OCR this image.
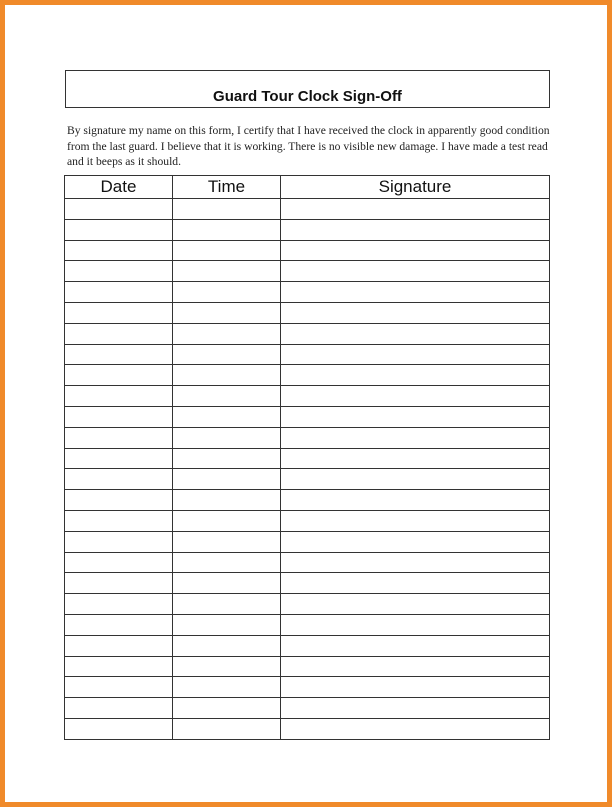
Guard Tour Clock Sign-Off
By signature my name on this form, I certify that I have received the clock in apparently good condition from the last guard. I believe that it is working. There is no visible new damage. I have made a test read and it beeps as it should.
Date	Time	Signature
